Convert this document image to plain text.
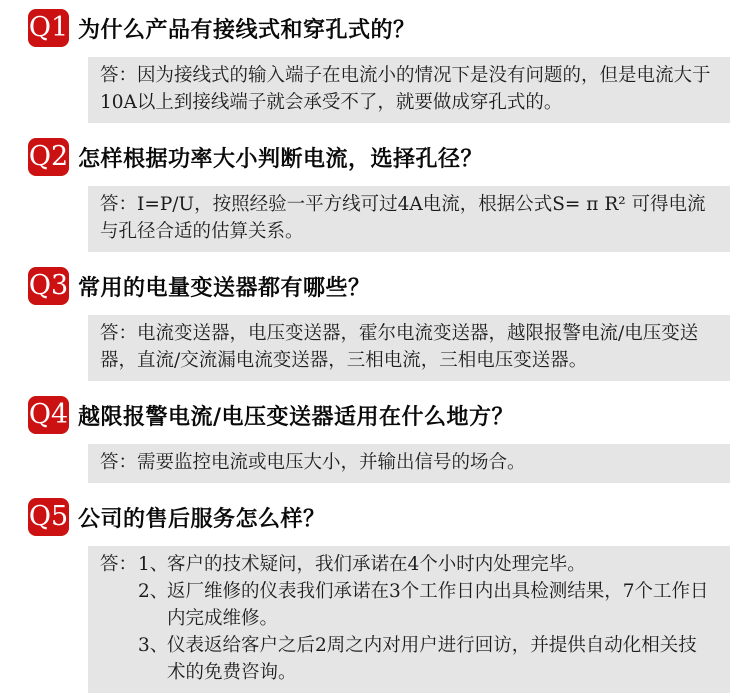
Q1 为什么产品有接线式和穿孔式的？

答：因为接线式的输入端子在电流小的情况下是没有问题的，但是电流大于10A以上到接线端子就会承受不了，就要做成穿孔式的。

Q2 怎样根据功率大小判断电流，选择孔径？

答：I=P/U，按照经验一平方线可过4A电流，根据公式S= π R² 可得电流与孔径合适的估算关系。

Q3 常用的电量变送器都有哪些？

答：电流变送器，电压变送器，霍尔电流变送器，越限报警电流/电压变送器，直流/交流漏电流变送器，三相电流，三相电压变送器。

Q4 越限报警电流/电压变送器适用在什么地方？

答：需要监控电流或电压大小，并输出信号的场合。

Q5 公司的售后服务怎么样？
答： 1、
客户的技术疑问，我们承诺在4个小时内处理完毕。
2、
返厂维修的仪表我们承诺在3个工作日内出具检测结果，7个工作日内完成维修。
3、
仪表返给客户之后2周之内对用户进行回访，并提供自动化相关技术的免费咨询。
